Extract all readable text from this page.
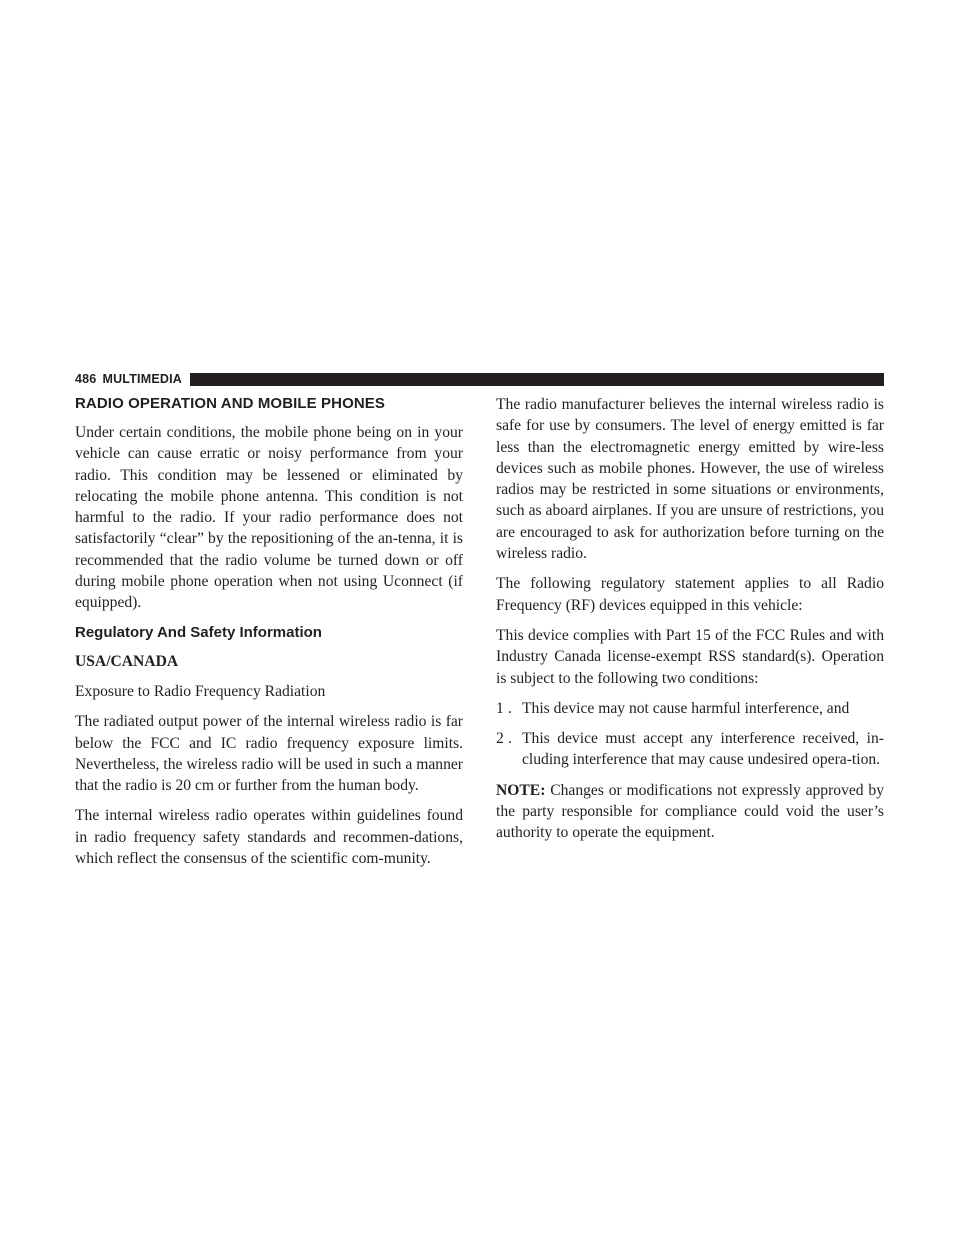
486 MULTIMEDIA
RADIO OPERATION AND MOBILE PHONES

Under certain conditions, the mobile phone being on in your vehicle can cause erratic or noisy performance from your radio. This condition may be lessened or eliminated by relocating the mobile phone antenna. This condition is not harmful to the radio. If your radio performance does not satisfactorily “clear” by the repositioning of the an-tenna, it is recommended that the radio volume be turned down or off during mobile phone operation when not using Uconnect (if equipped).

Regulatory And Safety Information

USA/CANADA

Exposure to Radio Frequency Radiation

The radiated output power of the internal wireless radio is far below the FCC and IC radio frequency exposure limits. Nevertheless, the wireless radio will be used in such a manner that the radio is 20 cm or further from the human body.

The internal wireless radio operates within guidelines found in radio frequency safety standards and recommen-dations, which reflect the consensus of the scientific com-munity.

The radio manufacturer believes the internal wireless radio is safe for use by consumers. The level of energy emitted is far less than the electromagnetic energy emitted by wire-less devices such as mobile phones. However, the use of wireless radios may be restricted in some situations or environments, such as aboard airplanes. If you are unsure of restrictions, you are encouraged to ask for authorization before turning on the wireless radio.

The following regulatory statement applies to all Radio Frequency (RF) devices equipped in this vehicle:

This device complies with Part 15 of the FCC Rules and with Industry Canada license-exempt RSS standard(s). Operation is subject to the following two conditions:

1 . This device may not cause harmful interference, and
2 . This device must accept any interference received, in-cluding interference that may cause undesired opera-tion.

NOTE: Changes or modifications not expressly approved by the party responsible for compliance could void the user’s authority to operate the equipment.
